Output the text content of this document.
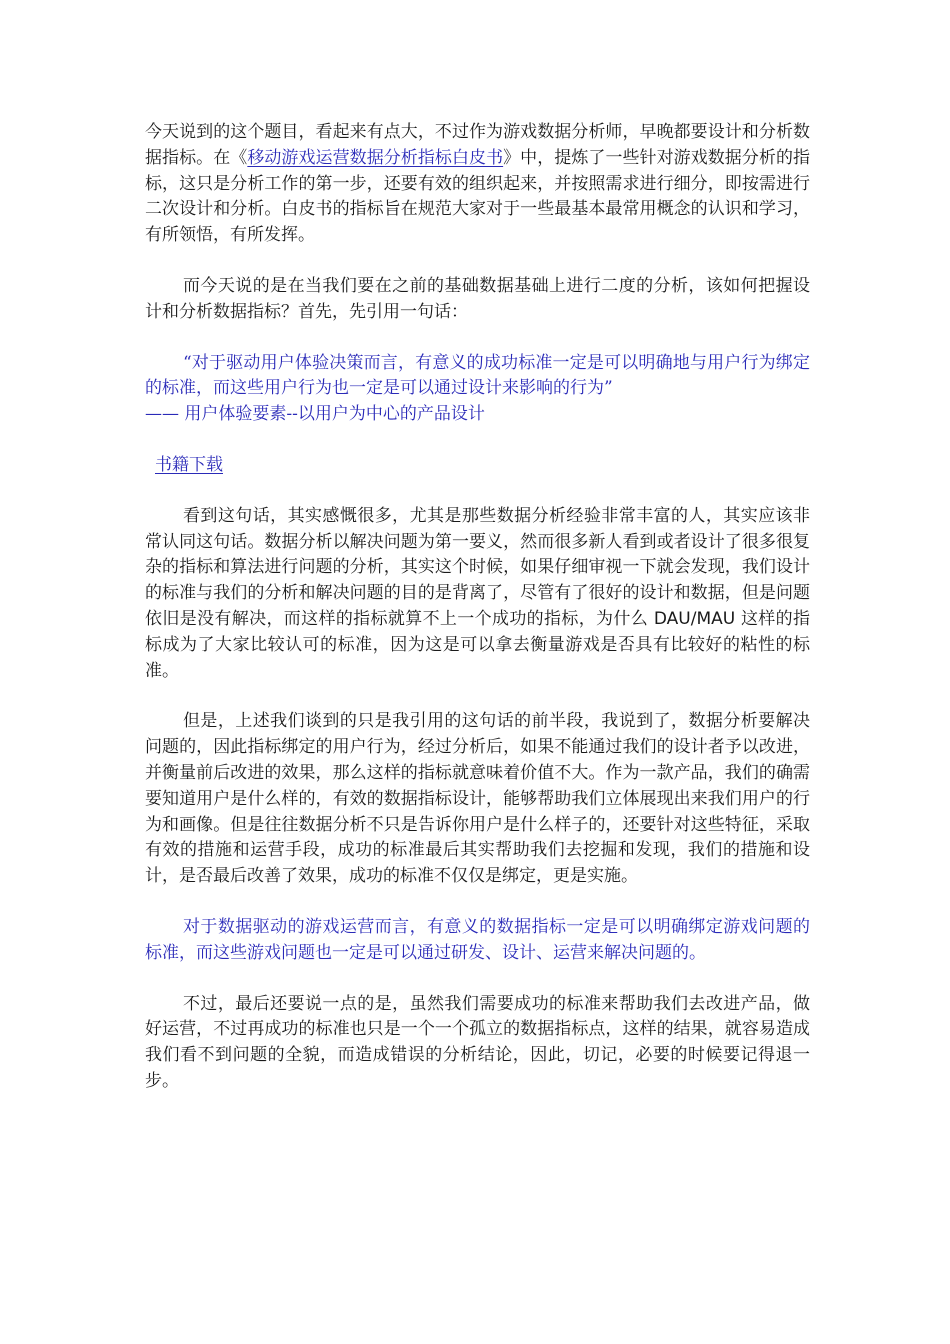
今天说到的这个题目，看起来有点大，不过作为游戏数据分析师，早晚都要设计和分析数据指标。在《移动游戏运营数据分析指标白皮书》中，提炼了一些针对游戏数据分析的指标，这只是分析工作的第一步，还要有效的组织起来，并按照需求进行细分，即按需进行二次设计和分析。白皮书的指标旨在规范大家对于一些最基本最常用概念的认识和学习，有所领悟，有所发挥。

而今天说的是在当我们要在之前的基础数据基础上进行二度的分析，该如何把握设计和分析数据指标？首先，先引用一句话：

“对于驱动用户体验决策而言，有意义的成功标准一定是可以明确地与用户行为绑定的标准，而这些用户行为也一定是可以通过设计来影响的行为”

—— 用户体验要素--以用户为中心的产品设计

书籍下载

看到这句话，其实感慨很多，尤其是那些数据分析经验非常丰富的人，其实应该非常认同这句话。数据分析以解决问题为第一要义，然而很多新人看到或者设计了很多很复杂的指标和算法进行问题的分析，其实这个时候，如果仔细审视一下就会发现，我们设计的标准与我们的分析和解决问题的目的是背离了，尽管有了很好的设计和数据，但是问题依旧是没有解决，而这样的指标就算不上一个成功的指标，为什么 DAU/MAU 这样的指标成为了大家比较认可的标准，因为这是可以拿去衡量游戏是否具有比较好的粘性的标准。

但是，上述我们谈到的只是我引用的这句话的前半段，我说到了，数据分析要解决问题的，因此指标绑定的用户行为，经过分析后，如果不能通过我们的设计者予以改进，并衡量前后改进的效果，那么这样的指标就意味着价值不大。作为一款产品，我们的确需要知道用户是什么样的，有效的数据指标设计，能够帮助我们立体展现出来我们用户的行为和画像。但是往往数据分析不只是告诉你用户是什么样子的，还要针对这些特征，采取有效的措施和运营手段，成功的标准最后其实帮助我们去挖掘和发现，我们的措施和设计，是否最后改善了效果，成功的标准不仅仅是绑定，更是实施。

对于数据驱动的游戏运营而言，有意义的数据指标一定是可以明确绑定游戏问题的标准，而这些游戏问题也一定是可以通过研发、设计、运营来解决问题的。

不过，最后还要说一点的是，虽然我们需要成功的标准来帮助我们去改进产品，做好运营，不过再成功的标准也只是一个一个孤立的数据指标点，这样的结果，就容易造成我们看不到问题的全貌，而造成错误的分析结论，因此，切记，必要的时候要记得退一步。
